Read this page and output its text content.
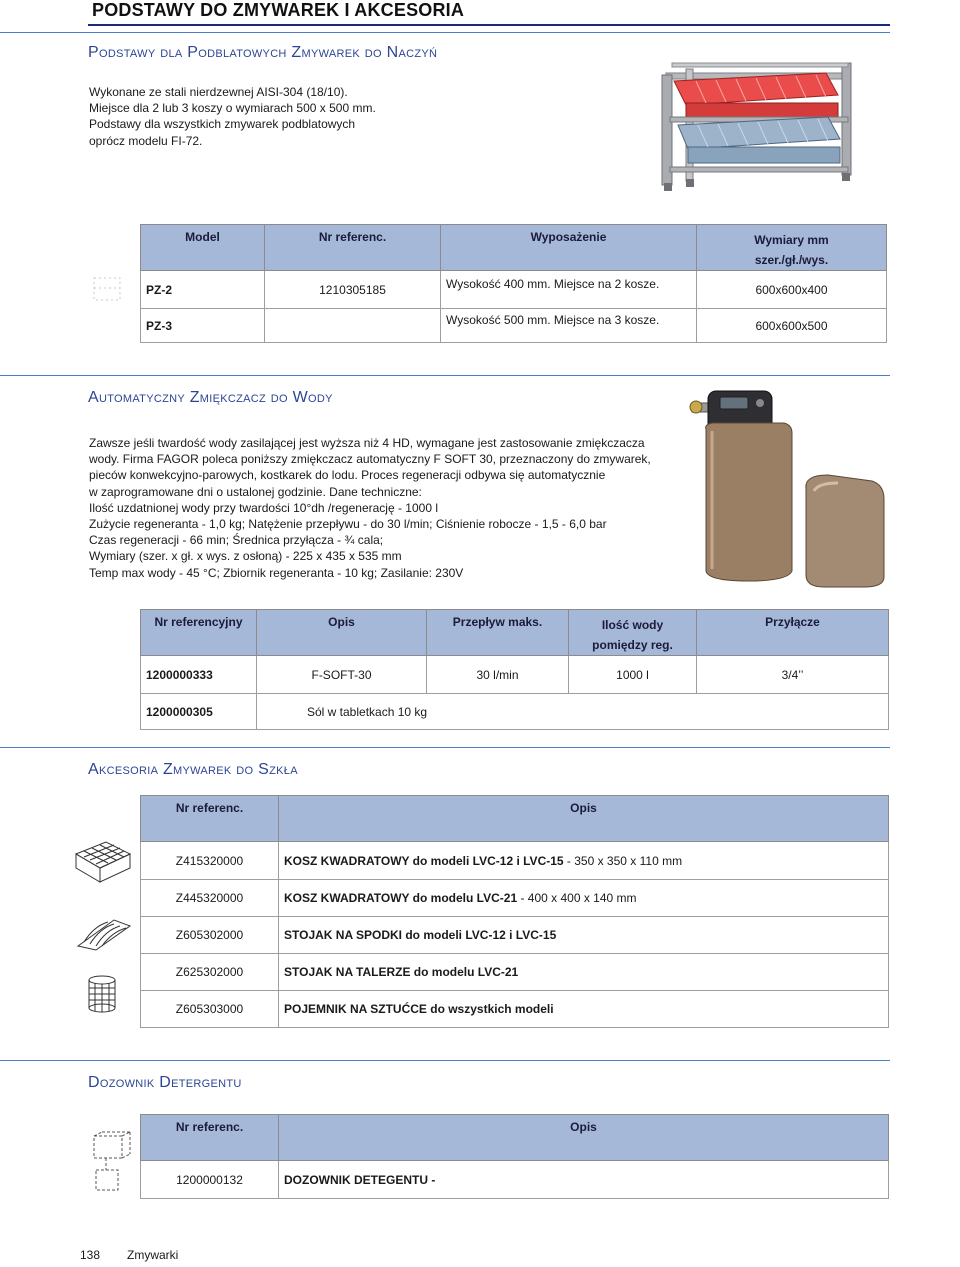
PODSTAWY DO ZMYWAREK I AKCESORIA
Podstawy dla Podblatowych Zmywarek do Naczyń
Wykonane ze stali nierdzewnej AISI-304 (18/10).
Miejsce dla 2 lub 3 koszy o wymiarach 500 x 500 mm.
Podstawy dla wszystkich zmywarek podblatowych
oprócz modelu FI-72.
Model	Nr referenc.	Wyposażenie	Wymiary mm
szer./gł./wys.

PZ-2	1210305185	Wysokość 400 mm. Miejsce na 2 kosze.	600x600x400
PZ-3		Wysokość 500 mm. Miejsce na 3 kosze.	600x600x500
Automatyczny Zmiękczacz do Wody
Zawsze jeśli twardość wody zasilającej jest wyższa niż 4 HD, wymagane jest zastosowanie zmiękczacza
wody. Firma FAGOR poleca poniższy zmiękczacz automatyczny F SOFT 30, przeznaczony do zmywarek,
pieców konwekcyjno-parowych, kostkarek do lodu. Proces regeneracji odbywa się automatycznie
w zaprogramowane dni o ustalonej godzinie. Dane techniczne:
Ilość uzdatnionej wody przy twardości 10°dh /regenerację - 1000 l
Zużycie regeneranta - 1,0 kg; Natężenie przepływu - do 30 l/min; Ciśnienie robocze - 1,5 - 6,0 bar
Czas regeneracji - 66 min; Średnica przyłącza - ¾ cala;
Wymiary (szer. x gł. x wys. z osłoną) - 225 x 435 x 535 mm
Temp max wody - 45 °C; Zbiornik regeneranta - 10 kg; Zasilanie: 230V
Nr referencyjny	Opis	Przepływ maks.	Ilość wody
pomiędzy reg.	Przyłącze
1200000333	F-SOFT-30	30 l/min	1000 l	3/4’’
1200000305	Sól w tabletkach 10 kg			
Akcesoria Zmywarek do Szkła
Nr referenc.	Opis
Z415320000	KOSZ KWADRATOWY do modeli LVC-12 i LVC-15 - 350 x 350 x 110 mm
Z445320000	KOSZ KWADRATOWY do modelu LVC-21 - 400 x 400 x 140 mm
Z605302000	STOJAK NA SPODKI do modeli LVC-12 i LVC-15
Z625302000	STOJAK NA TALERZE do modelu LVC-21
Z605303000	POJEMNIK NA SZTUĆCE do wszystkich modeli
Dozownik Detergentu
Nr referenc.	Opis
1200000132	DOZOWNIK DETEGENTU -
138 Zmywarki
